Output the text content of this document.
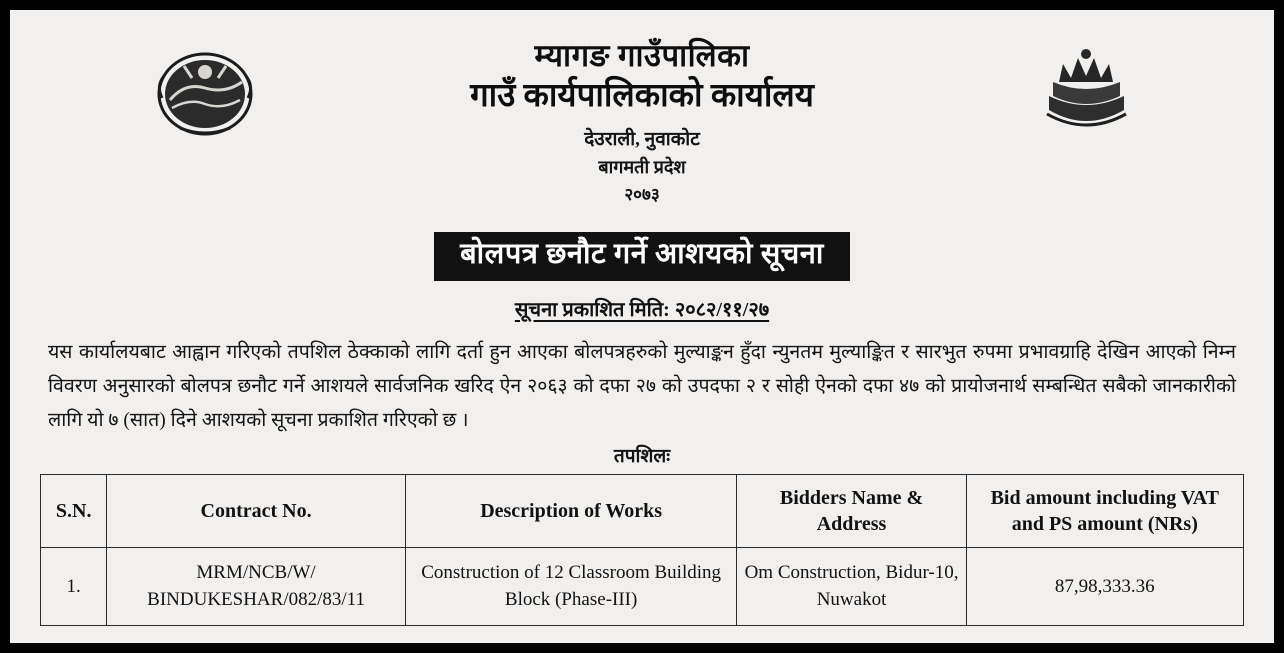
म्यागङ गाउँपालिका
गाउँ कार्यपालिकाको कार्यालय
देउराली, नुवाकोट
बागमती प्रदेश
२०७३
बोलपत्र छनौट गर्ने आशयको सूचना
सूचना प्रकाशित मिति: २०८२/११/२७
यस कार्यालयबाट आह्वान गरिएको तपशिल ठेक्काको लागि दर्ता हुन आएका बोलपत्रहरुको मुल्याङ्कन हुँदा न्युनतम मुल्याङ्कित र सारभुत रुपमा प्रभावग्राहि देखिन आएको निम्न विवरण अनुसारको बोलपत्र छनौट गर्ने आशयले सार्वजनिक खरिद ऐन २०६३ को दफा २७ को उपदफा २ र सोही ऐनको दफा ४७ को प्रायोजनार्थ सम्बन्धित सबैको जानकारीको लागि यो ७ (सात) दिने आशयको सूचना प्रकाशित गरिएको छ ।
तपशिलः
S.N.	Contract No.	Description of Works	Bidders Name & Address	Bid amount including VAT and PS amount (NRs)
1.	MRM/NCB/W/ BINDUKESHAR/082/83/11	Construction of 12 Classroom Building Block (Phase-III)	Om Construction, Bidur-10, Nuwakot	87,98,333.36
